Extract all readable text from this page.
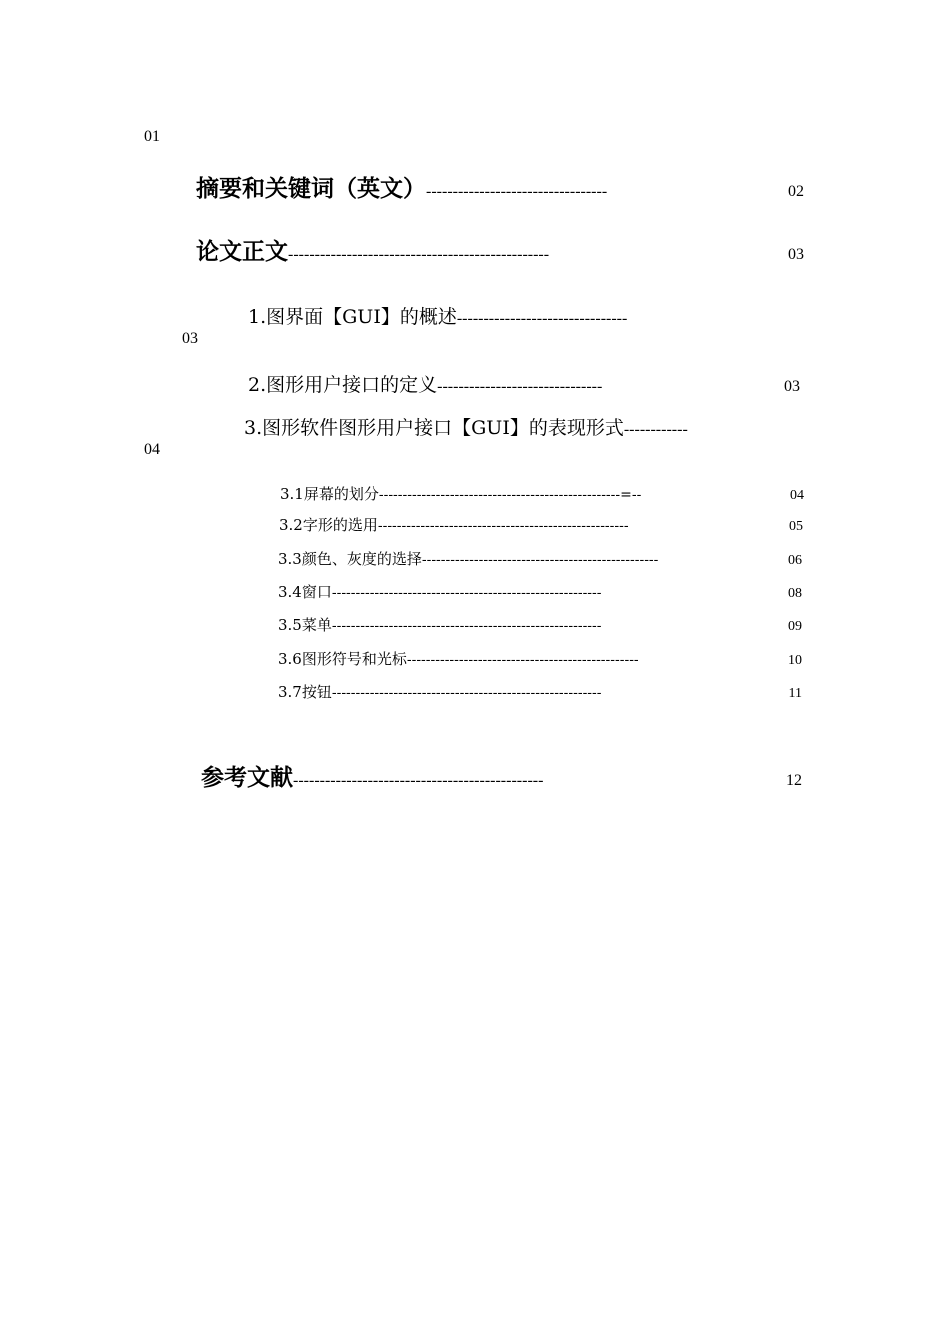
01
摘要和关键词（英文） ----------------------------------	02
论文正文 -------------------------------------------------	03
1.图界面【GUI】的概述 --------------------------------
03
2.图形用户接口的定义 -------------------------------	03
3.图形软件图形用户接口【GUI】的表现形式 ------------
04
3.1屏幕的划分 ---------------------------------------------------=--	04
3.2字形的选用 -----------------------------------------------------	05
3.3颜色、灰度的选择 --------------------------------------------------	06
3.4窗口 ---------------------------------------------------------	08
3.5菜单 ---------------------------------------------------------	09
3.6图形符号和光标 -------------------------------------------------	10
3.7按钮 ---------------------------------------------------------	11
参考文献 -----------------------------------------------	12
